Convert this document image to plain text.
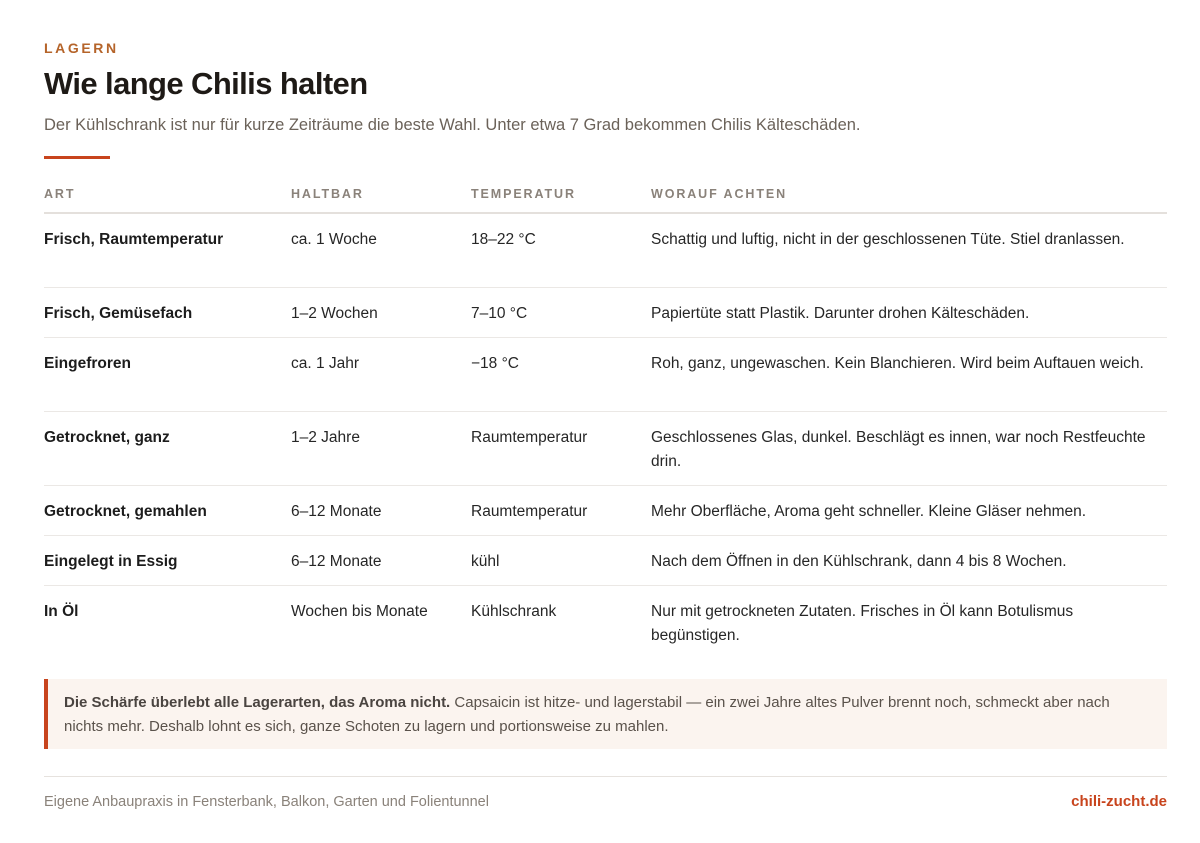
LAGERN
Wie lange Chilis halten

Der Kühlschrank ist nur für kurze Zeiträume die beste Wahl. Unter etwa 7 Grad bekommen Chilis Kälteschäden.

ART	HALTBAR	TEMPERATUR	WORAUF ACHTEN
Frisch, Raumtemperatur	ca. 1 Woche	18–22 °C	Schattig und luftig, nicht in der geschlossenen Tüte. Stiel dranlassen.
Frisch, Gemüsefach	1–2 Wochen	7–10 °C	Papiertüte statt Plastik. Darunter drohen Kälteschäden.
Eingefroren	ca. 1 Jahr	−18 °C	Roh, ganz, ungewaschen. Kein Blanchieren. Wird beim Auftauen weich.
Getrocknet, ganz	1–2 Jahre	Raumtemperatur	Geschlossenes Glas, dunkel. Beschlägt es innen, war noch Restfeuchte drin.
Getrocknet, gemahlen	6–12 Monate	Raumtemperatur	Mehr Oberfläche, Aroma geht schneller. Kleine Gläser nehmen.
Eingelegt in Essig	6–12 Monate	kühl	Nach dem Öffnen in den Kühlschrank, dann 4 bis 8 Wochen.
In Öl	Wochen bis Monate	Kühlschrank	Nur mit getrockneten Zutaten. Frisches in Öl kann Botulismus begünstigen.
Die Schärfe überlebt alle Lagerarten, das Aroma nicht. Capsaicin ist hitze- und lagerstabil — ein zwei Jahre altes Pulver brennt noch, schmeckt aber nach nichts mehr. Deshalb lohnt es sich, ganze Schoten zu lagern und portionsweise zu mahlen.
Eigene Anbaupraxis in Fensterbank, Balkon, Garten und Folientunnel	chili-zucht.de
